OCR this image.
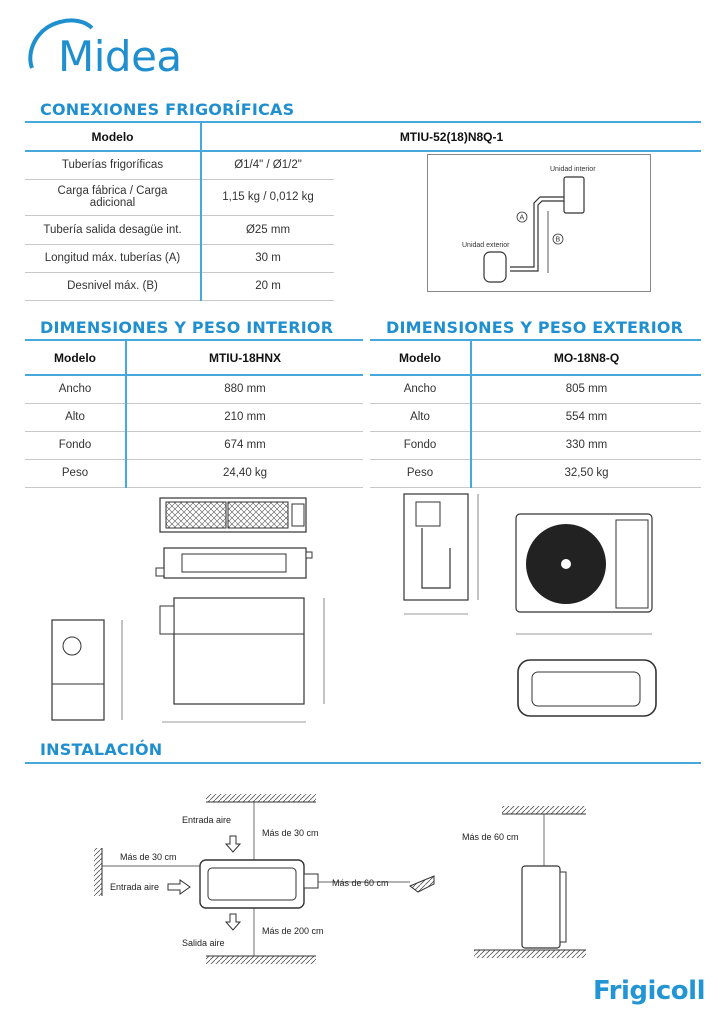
Midea
CONEXIONES FRIGORÍFICAS
Modelo	MTIU-52(18)N8Q-1	
Tuberías frigoríficas	Ø1/4" / Ø1/2"	
Carga fábrica / Carga adicional	1,15 kg / 0,012 kg	
Tubería salida desagüe int.	Ø25 mm	
Longitud máx. tuberías (A)	30 m	
Desnivel máx. (B)	20 m	
Unidad interior
Unidad exterior
A
B
DIMENSIONES Y PESO INTERIOR
Modelo	MTIU-18HNX
Ancho	880 mm
Alto	210 mm
Fondo	674 mm
Peso	24,40 kg
DIMENSIONES Y PESO EXTERIOR
Modelo	MO-18N8-Q
Ancho	805 mm
Alto	554 mm
Fondo	330 mm
Peso	32,50 kg
INSTALACIÓN
Entrada aire
Más de 30 cm
Más de 30 cm
Entrada aire	Más de 60 cm
Salida aire
Más de 200 cm
Más de 60 cm
Frigicoll
